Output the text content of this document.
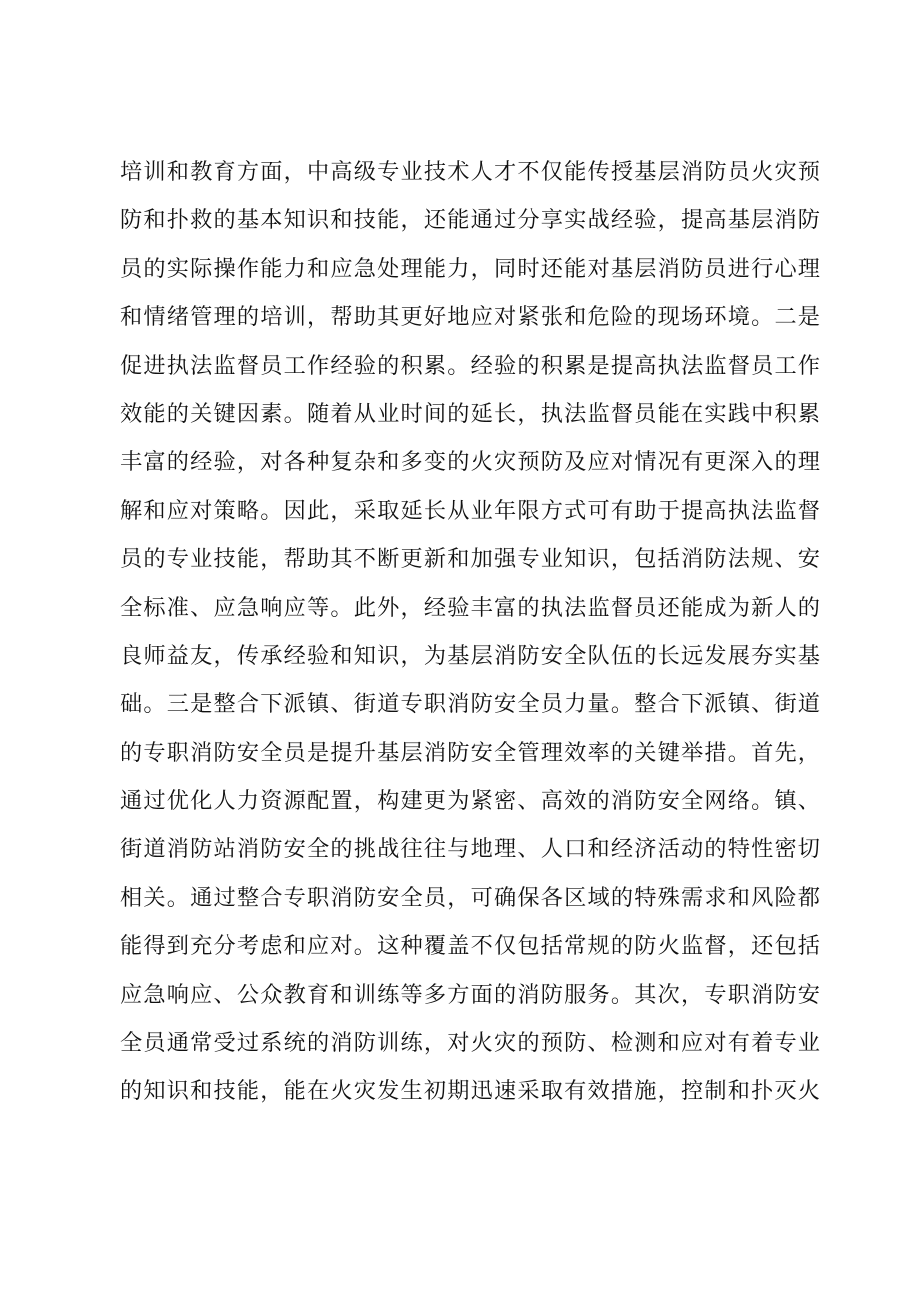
培训和教育方面，中高级专业技术人才不仅能传授基层消防员火灾预
防和扑救的基本知识和技能，还能通过分享实战经验，提高基层消防
员的实际操作能力和应急处理能力，同时还能对基层消防员进行心理
和情绪管理的培训，帮助其更好地应对紧张和危险的现场环境。二是
促进执法监督员工作经验的积累。经验的积累是提高执法监督员工作
效能的关键因素。随着从业时间的延长，执法监督员能在实践中积累
丰富的经验，对各种复杂和多变的火灾预防及应对情况有更深入的理
解和应对策略。因此，采取延长从业年限方式可有助于提高执法监督
员的专业技能，帮助其不断更新和加强专业知识，包括消防法规、安
全标准、应急响应等。此外，经验丰富的执法监督员还能成为新人的
良师益友，传承经验和知识，为基层消防安全队伍的长远发展夯实基
础。三是整合下派镇、街道专职消防安全员力量。整合下派镇、街道
的专职消防安全员是提升基层消防安全管理效率的关键举措。首先，
通过优化人力资源配置，构建更为紧密、高效的消防安全网络。镇、
街道消防站消防安全的挑战往往与地理、人口和经济活动的特性密切
相关。通过整合专职消防安全员，可确保各区域的特殊需求和风险都
能得到充分考虑和应对。这种覆盖不仅包括常规的防火监督，还包括
应急响应、公众教育和训练等多方面的消防服务。其次，专职消防安
全员通常受过系统的消防训练，对火灾的预防、检测和应对有着专业
的知识和技能，能在火灾发生初期迅速采取有效措施，控制和扑灭火
